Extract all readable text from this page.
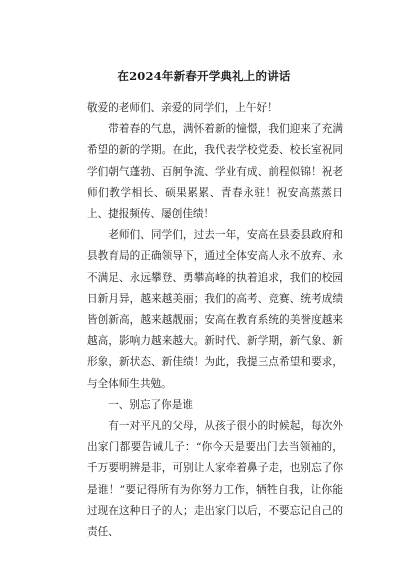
在2024年新春开学典礼上的讲话

敬爱的老师们、亲爱的同学们，上午好！

带着春的气息，满怀着新的憧憬，我们迎来了充满希望的新的学期。在此，我代表学校党委、校长室祝同学们朝气蓬勃、百舸争流、学业有成、前程似锦！祝老师们教学相长、硕果累累、青春永驻！祝安高蒸蒸日上、捷报频传、屡创佳绩！

老师们、同学们，过去一年，安高在县委县政府和县教育局的正确领导下，通过全体安高人永不放弃、永不满足、永远攀登、勇攀高峰的执着追求，我们的校园日新月异，越来越美丽；我们的高考、竞赛、统考成绩皆创新高，越来越靓丽；安高在教育系统的美誉度越来越高，影响力越来越大。新时代、新学期，新气象、新形象，新状态、新佳绩！为此，我提三点希望和要求，与全体师生共勉。

一、别忘了你是谁

有一对平凡的父母，从孩子很小的时候起，每次外出家门都要告诫儿子：“你今天是要出门去当领袖的，千万要明辨是非，可别让人家牵着鼻子走，也别忘了你是谁！”要记得所有为你努力工作，牺牲自我，让你能过现在这种日子的人；走出家门以后，不要忘记自己的责任、
